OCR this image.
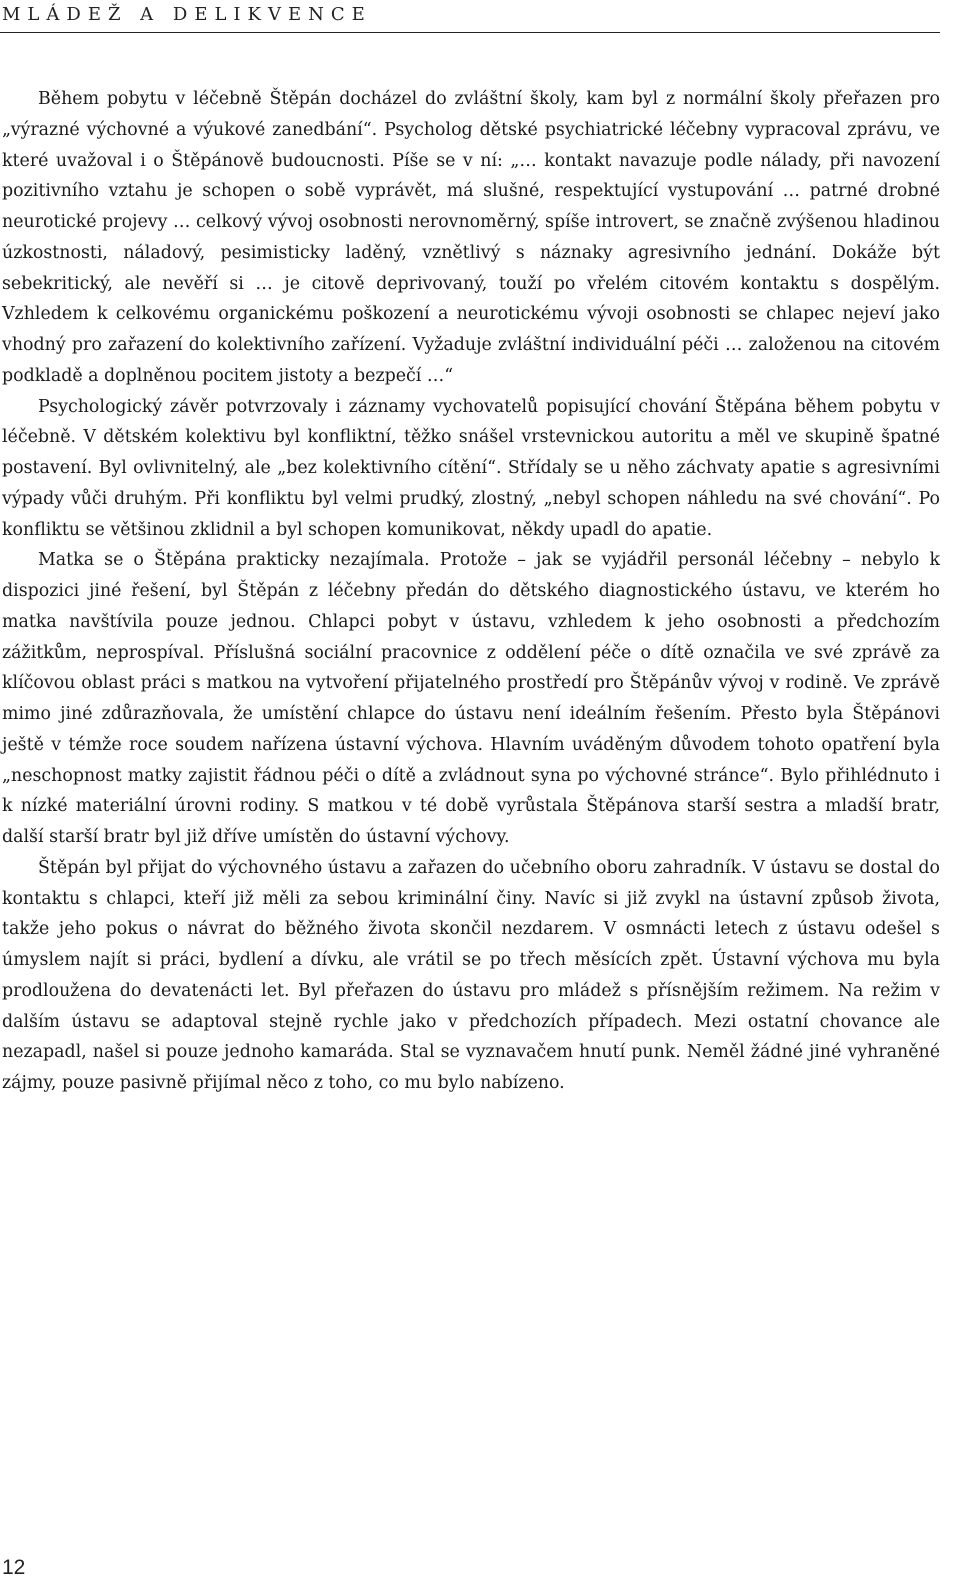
MLÁDEŽ A DELIKVENCE

Během pobytu v léčebně Štěpán docházel do zvláštní školy, kam byl z normální školy přeřazen pro „výrazné výchovné a výukové zanedbání“. Psycholog dětské psychiatrické léčebny vypracoval zprávu, ve které uvažoval i o Štěpánově budoucnosti. Píše se v ní: „… kontakt navazuje podle nálady, při navození pozitivního vztahu je schopen o sobě vyprávět, má slušné, respektující vystupování … patrné drobné neurotické projevy … celkový vývoj osobnosti nerovnoměrný, spíše introvert, se značně zvýšenou hladinou úzkostnosti, náladový, pesimisticky laděný, vznětlivý s náznaky agresivního jednání. Dokáže být sebekritický, ale nevěří si … je citově deprivovaný, touží po vřelém citovém kontaktu s dospělým. Vzhledem k celkovému organickému poškození a neurotickému vývoji osobnosti se chlapec nejeví jako vhodný pro zařazení do kolektivního zařízení. Vyžaduje zvláštní individuální péči … založenou na citovém podkladě a doplněnou pocitem jistoty a bezpečí …“

Psychologický závěr potvrzovaly i záznamy vychovatelů popisující chování Štěpána během pobytu v léčebně. V dětském kolektivu byl konfliktní, těžko snášel vrstevnickou autoritu a měl ve skupině špatné postavení. Byl ovlivnitelný, ale „bez kolektivního cítění“. Střídaly se u něho záchvaty apatie s agresivními výpady vůči druhým. Při konfliktu byl velmi prudký, zlostný, „nebyl schopen náhledu na své chování“. Po konfliktu se většinou zklidnil a byl schopen komunikovat, někdy upadl do apatie.

Matka se o Štěpána prakticky nezajímala. Protože – jak se vyjádřil personál léčebny – nebylo k dispozici jiné řešení, byl Štěpán z léčebny předán do dětského diagnostického ústavu, ve kterém ho matka navštívila pouze jednou. Chlapci pobyt v ústavu, vzhledem k jeho osobnosti a předchozím zážitkům, neprospíval. Příslušná sociální pracovnice z oddělení péče o dítě označila ve své zprávě za klíčovou oblast práci s matkou na vytvoření přijatelného prostředí pro Štěpánův vývoj v rodině. Ve zprávě mimo jiné zdůrazňovala, že umístění chlapce do ústavu není ideálním řešením. Přesto byla Štěpánovi ještě v témže roce soudem nařízena ústavní výchova. Hlavním uváděným důvodem tohoto opatření byla „neschopnost matky zajistit řádnou péči o dítě a zvládnout syna po výchovné stránce“. Bylo přihlédnuto i k nízké materiální úrovni rodiny. S matkou v té době vyrůstala Štěpánova starší sestra a mladší bratr, další starší bratr byl již dříve umístěn do ústavní výchovy.

Štěpán byl přijat do výchovného ústavu a zařazen do učebního oboru zahradník. V ústavu se dostal do kontaktu s chlapci, kteří již měli za sebou kriminální činy. Navíc si již zvykl na ústavní způsob života, takže jeho pokus o návrat do běžného života skončil nezdarem. V osmnácti letech z ústavu odešel s úmyslem najít si práci, bydlení a dívku, ale vrátil se po třech měsících zpět. Ústavní výchova mu byla prodloužena do devatenácti let. Byl přeřazen do ústavu pro mládež s přísnějším režimem. Na režim v dalším ústavu se adaptoval stejně rychle jako v předchozích případech. Mezi ostatní chovance ale nezapadl, našel si pouze jednoho kamaráda. Stal se vyznavačem hnutí punk. Neměl žádné jiné vyhraněné zájmy, pouze pasivně přijímal něco z toho, co mu bylo nabízeno.

12
